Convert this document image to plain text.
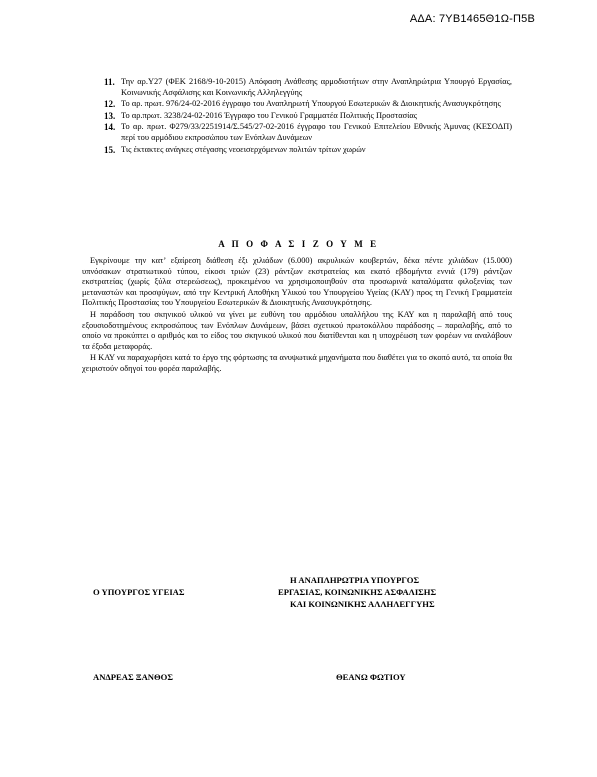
ΑΔΑ: 7ΥΒ1465Θ1Ω-Π5Β
11. Την αρ.Υ27 (ΦΕΚ 2168/9-10-2015) Απόφαση Ανάθεσης αρμοδιοτήτων στην Αναπληρώτρια Υπουργό Εργασίας, Κοινωνικής Ασφάλισης και Κοινωνικής Αλληλεγγύης
12. Το αρ. πρωτ. 976/24-02-2016 έγγραφο του Αναπληρωτή Υπουργού Εσωτερικών & Διοικητικής Ανασυγκρότησης
13. Το αρ.πρωτ. 3238/24-02-2016 Έγγραφο του Γενικού Γραμματέα Πολιτικής Προστασίας
14. Το αρ. πρωτ. Φ279/33/2251914/Σ.545/27-02-2016 έγγραφο του Γενικού Επιτελείου Εθνικής Άμυνας (ΚΕΣΟΔΠ) περί του αρμόδιου εκπροσώπου των Ενόπλων Δυνάμεων
15. Τις έκτακτες ανάγκες στέγασης νεοεισερχόμενων πολιτών τρίτων χωρών
Α Π Ο Φ Α Σ Ι Ζ Ο Υ Μ Ε

Εγκρίνουμε την κατ’ εξαίρεση διάθεση έξι χιλιάδων (6.000) ακρυλικών κουβερτών, δέκα πέντε χιλιάδων (15.000) υπνόσακων στρατιωτικού τύπου, είκοσι τριών (23) ράντζων εκστρατείας και εκατό εβδομήντα εννιά (179) ράντζων εκστρατείας (χωρίς ξύλα στερεώσεως), προκειμένου να χρησιμοποιηθούν στα προσωρινά καταλύματα φιλοξενίας των μεταναστών και προσφύγων, από την Κεντρική Αποθήκη Υλικού του Υπουργείου Υγείας (ΚΑΥ) προς τη Γενική Γραμματεία Πολιτικής Προστασίας του Υπουργείου Εσωτερικών & Διοικητικής Ανασυγκρότησης.

Η παράδοση του σκηνικού υλικού να γίνει με ευθύνη του αρμόδιου υπαλλήλου της ΚΑΥ και η παραλαβή από τους εξουσιοδοτημένους εκπροσώπους των Ενόπλων Δυνάμεων, βάσει σχετικού πρωτοκόλλου παράδοσης – παραλαβής, από το οποίο να προκύπτει ο αριθμός και το είδος του σκηνικού υλικού που διατίθενται και η υποχρέωση των φορέων να αναλάβουν τα έξοδα μεταφοράς.

Η ΚΑΥ να παραχωρήσει κατά το έργο της φόρτωσης τα ανυψωτικά μηχανήματα που διαθέτει για το σκοπό αυτό, τα οποία θα χειριστούν οδηγοί του φορέα παραλαβής.

Η ΑΝΑΠΛΗΡΩΤΡΙΑ ΥΠΟΥΡΓΟΣ
Ο ΥΠΟΥΡΓΟΣ ΥΓΕΙΑΣ	ΕΡΓΑΣΙΑΣ, ΚΟΙΝΩΝΙΚΗΣ ΑΣΦΑΛΙΣΗΣ
ΚΑΙ ΚΟΙΝΩΝΙΚΗΣ ΑΛΛΗΛΕΓΓΥΗΣ
ΑΝΔΡΕΑΣ ΞΑΝΘΟΣ	ΘΕΑΝΩ ΦΩΤΙΟΥ
